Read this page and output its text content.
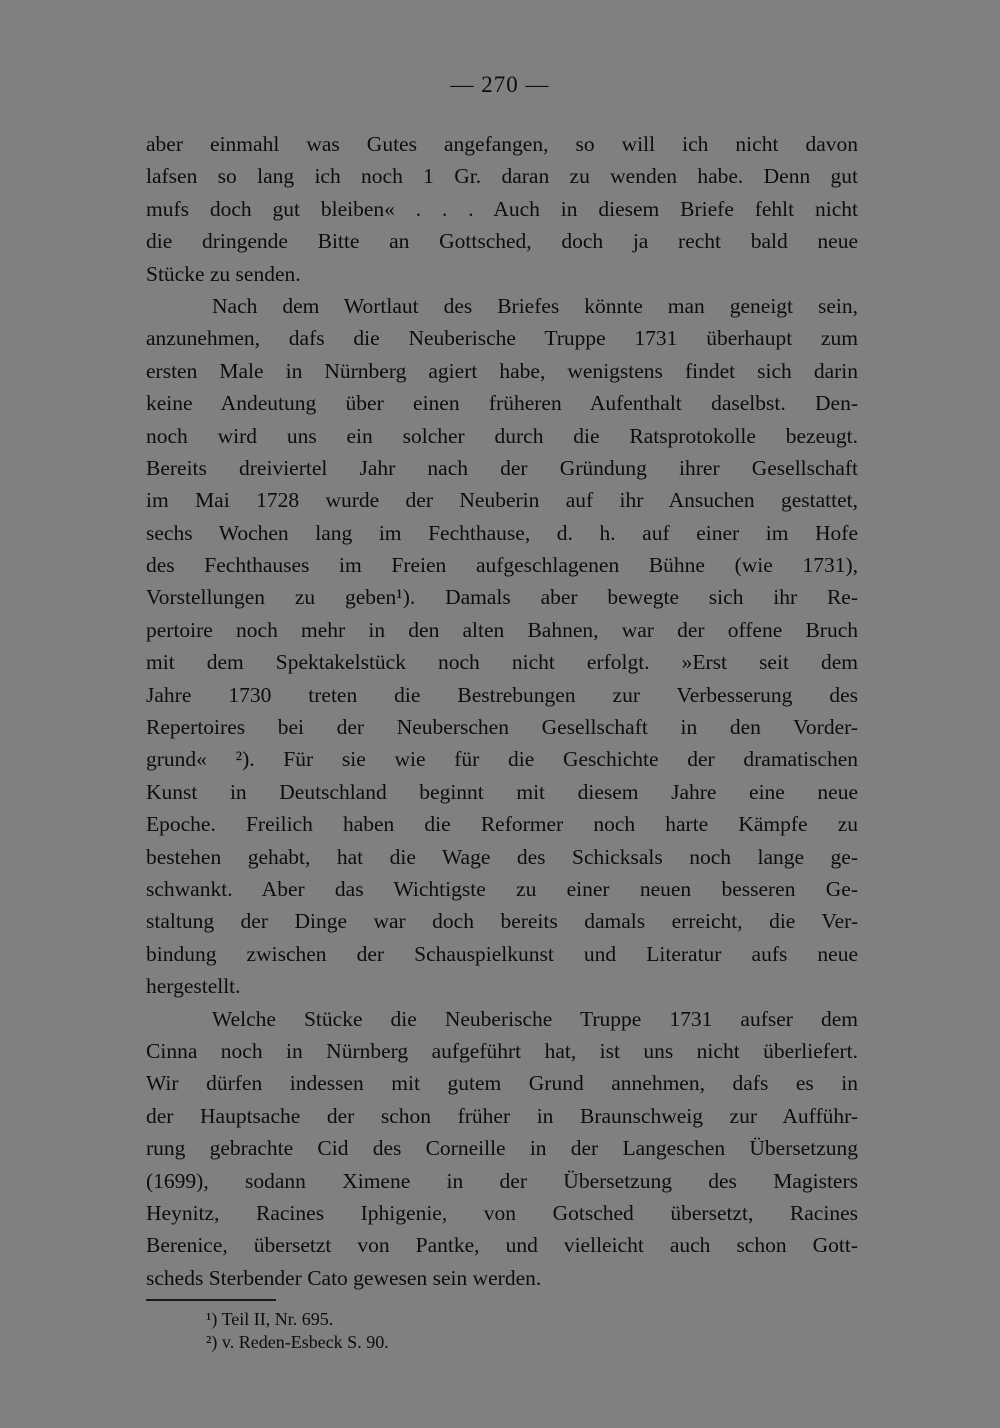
— 270 —
aber einmahl was Gutes angefangen, so will ich nicht davon
lafsen so lang ich noch 1 Gr. daran zu wenden habe. Denn gut
mufs doch gut bleiben« . . . Auch in diesem Briefe fehlt nicht
die dringende Bitte an Gottsched, doch ja recht bald neue
Stücke zu senden.
Nach dem Wortlaut des Briefes könnte man geneigt sein,
anzunehmen, dafs die Neuberische Truppe 1731 überhaupt zum
ersten Male in Nürnberg agiert habe, wenigstens findet sich darin
keine Andeutung über einen früheren Aufenthalt daselbst. Den-
noch wird uns ein solcher durch die Ratsprotokolle bezeugt.
Bereits dreiviertel Jahr nach der Gründung ihrer Gesellschaft
im Mai 1728 wurde der Neuberin auf ihr Ansuchen gestattet,
sechs Wochen lang im Fechthause, d. h. auf einer im Hofe
des Fechthauses im Freien aufgeschlagenen Bühne (wie 1731),
Vorstellungen zu geben¹). Damals aber bewegte sich ihr Re-
pertoire noch mehr in den alten Bahnen, war der offene Bruch
mit dem Spektakelstück noch nicht erfolgt. »Erst seit dem
Jahre 1730 treten die Bestrebungen zur Verbesserung des
Repertoires bei der Neuberschen Gesellschaft in den Vorder-
grund« ²). Für sie wie für die Geschichte der dramatischen
Kunst in Deutschland beginnt mit diesem Jahre eine neue
Epoche. Freilich haben die Reformer noch harte Kämpfe zu
bestehen gehabt, hat die Wage des Schicksals noch lange ge-
schwankt. Aber das Wichtigste zu einer neuen besseren Ge-
staltung der Dinge war doch bereits damals erreicht, die Ver-
bindung zwischen der Schauspielkunst und Literatur aufs neue
hergestellt.
Welche Stücke die Neuberische Truppe 1731 aufser dem
Cinna noch in Nürnberg aufgeführt hat, ist uns nicht überliefert.
Wir dürfen indessen mit gutem Grund annehmen, dafs es in
der Hauptsache der schon früher in Braunschweig zur Aufführ-
rung gebrachte Cid des Corneille in der Langeschen Übersetzung
(1699), sodann Ximene in der Übersetzung des Magisters
Heynitz, Racines Iphigenie, von Gotsched übersetzt, Racines
Berenice, übersetzt von Pantke, und vielleicht auch schon Gott-
scheds Sterbender Cato gewesen sein werden.
¹) Teil II, Nr. 695.
²) v. Reden-Esbeck S. 90.
